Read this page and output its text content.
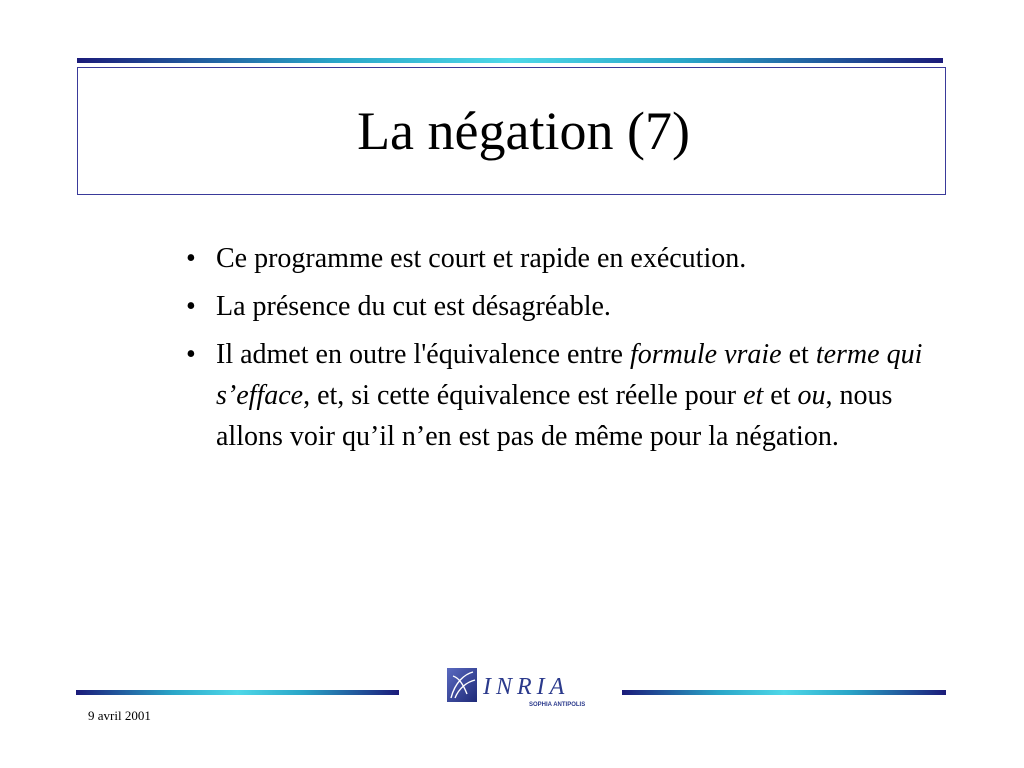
La négation (7)
• Ce programme est court et rapide en exécution.
• La présence du cut est désagréable.
• Il admet en outre l'équivalence entre formule vraie et terme qui s’efface, et, si cette équivalence est réelle pour et et ou, nous allons voir qu’il n’en est pas de même pour la négation.
INRIA
SOPHIA ANTIPOLIS
9 avril 2001
